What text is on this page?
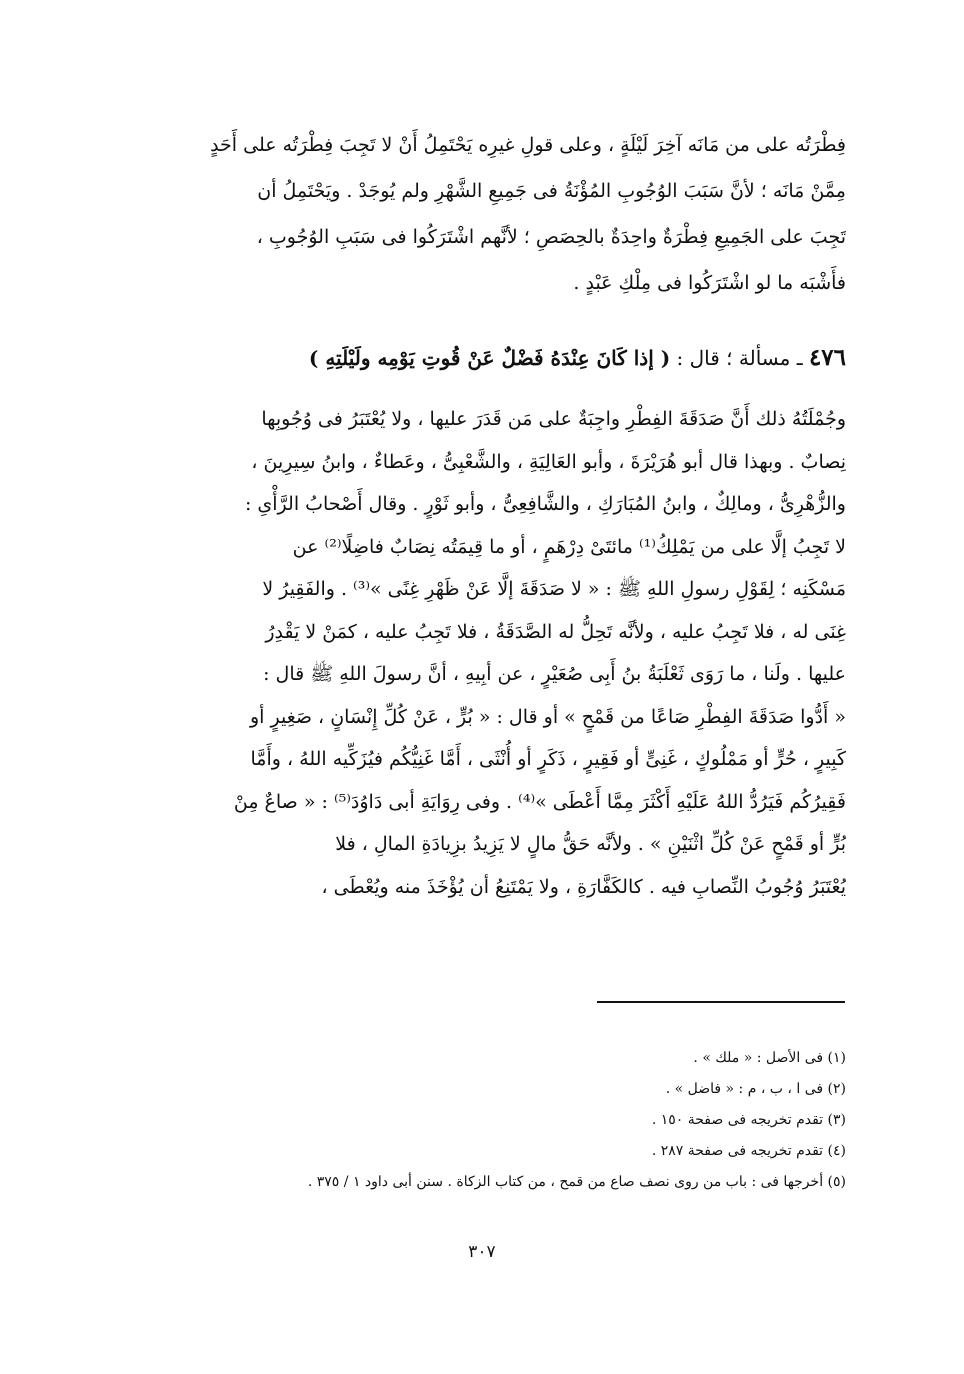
فِطْرَتُه على من مَانَه آخِرَ لَيْلَةٍ ، وعلى قولِ غيرِه يَحْتَمِلُ أَنْ لا تَجِبَ فِطْرَتُه على أَحَدٍ
مِمَّنْ مَانَه ؛ لأنَّ سَبَبَ الوُجُوبِ المُؤْنَةُ فى جَمِيعِ الشَّهْرِ ولم يُوجَدْ . ويَحْتَمِلُ أن
تَجِبَ على الجَمِيعِ فِطْرَةٌ واحِدَةٌ بالحِصَصِ ؛ لأنَّهم اشْتَرَكُوا فى سَبَبِ الوُجُوبِ ،
فأَشْبَه ما لو اشْتَرَكُوا فى مِلْكِ عَبْدٍ .
٤٧٦ ـ مسألة ؛ قال : ( إذا كَانَ عِنْدَهُ فَضْلٌ عَنْ قُوتِ يَوْمِه ولَيْلَتِهِ )
وجُمْلَتُهُ ذلك أَنَّ صَدَقَةَ الفِطْرِ واجِبَةٌ على مَن قَدَرَ عليها ، ولا يُعْتَبَرُ فى وُجُوبِها
نِصابٌ . وبهذا قال أبو هُرَيْرَةَ ، وأبو العَالِيَةِ ، والشَّعْبِىُّ ، وعَطاءٌ ، وابنُ سِيرِينَ ،
والزُّهْرِىُّ ، ومالِكٌ ، وابنُ المُبَارَكِ ، والشَّافِعِىُّ ، وأبو ثَوْرٍ . وقال أَصْحابُ الرَّأْىِ :
لا تَجِبُ إلَّا على من يَمْلِكُ⁽¹⁾ مائتَىْ دِرْهَمٍ ، أو ما قِيمَتُه نِصَابٌ فاضِلًا⁽²⁾ عن
مَسْكَنِه ؛ لِقَوْلِ رسولِ اللهِ ﷺ : « لا صَدَقَةَ إلَّا عَنْ ظَهْرِ غِنًى »⁽³⁾ . والفَقِيرُ لا
غِنَى له ، فلا تَجِبُ عليه ، ولأنَّه تَحِلُّ له الصَّدَقَةُ ، فلا تَجِبُ عليه ، كمَنْ لا يَقْدِرُ
عليها . ولَنا ، ما رَوَى ثَعْلَبَةُ بنُ أَبِى صُعَيْرٍ ، عن أبِيهِ ، أنَّ رسولَ اللهِ ﷺ قال :
« أَدُّوا صَدَقَةَ الفِطْرِ صَاعًا من قَمْحٍ » أو قال : « بُرٍّ ، عَنْ كُلِّ إِنْسَانٍ ، صَغِيرٍ أو
كَبِيرٍ ، حُرٍّ أو مَمْلُوكٍ ، غَنِىٍّ أو فَقِيرٍ ، ذَكَرٍ أو أُنْثَى ، أَمَّا غَنِيُّكُم فيُزَكِّيه اللهُ ، وأَمَّا
فَقِيرُكُم فَيَرُدُّ اللهُ عَلَيْهِ أَكْثَرَ مِمَّا أَعْطَى »⁽⁴⁾ . وفى رِوَايَةِ أبى دَاوُدَ⁽⁵⁾ : « صاعٌ مِنْ
بُرٍّ أو قَمْحٍ عَنْ كُلِّ اثْنَيْنِ » . ولأنَّه حَقُّ مالٍ لا يَزِيدُ بزِيادَةِ المالِ ، فلا
يُعْتَبَرُ وُجُوبُ النِّصابِ فيه . كالكَفَّارَةِ ، ولا يَمْتَنِعُ أن يُؤْخَذَ منه ويُعْطَى ،
(١) فى الأصل : « ملك » .
(٢) فى ا ، ب ، م : « فاضل » .
(٣) تقدم تخريجه فى صفحة ١٥٠ .
(٤) تقدم تخريجه فى صفحة ٢٨٧ .
(٥) أخرجها فى : باب من روى نصف صاع من قمح ، من كتاب الزكاة . سنن أبى داود ١ / ٣٧٥ .
٣٠٧
